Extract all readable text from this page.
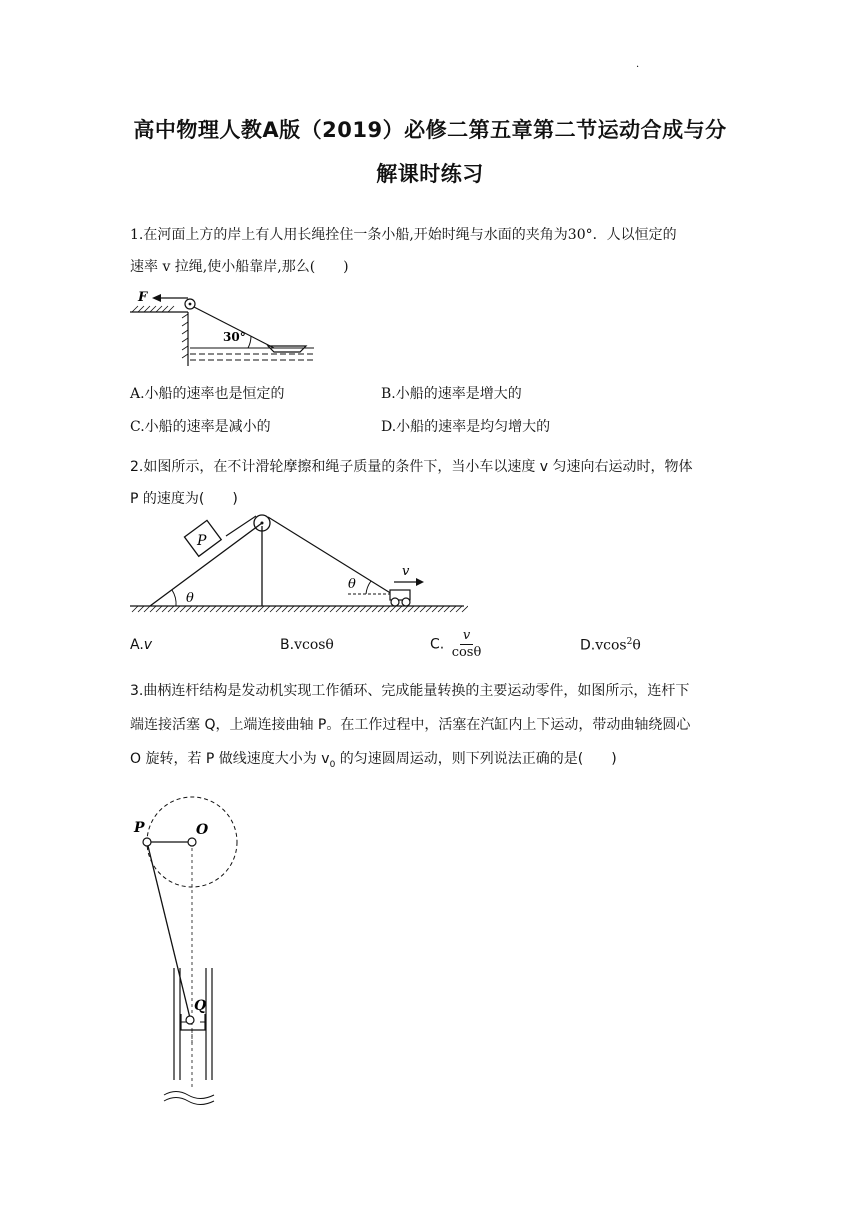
·
高中物理人教A版（2019）必修二第五章第二节运动合成与分
解课时练习
1.在河面上方的岸上有人用长绳拴住一条小船,开始时绳与水面的夹角为30°．人以恒定的
速率 v 拉绳,使小船靠岸,那么(　　)
F
30°
A.小船的速率也是恒定的	B.小船的速率是增大的
C.小船的速率是减小的	D.小船的速率是均匀增大的
2.如图所示，在不计滑轮摩擦和绳子质量的条件下，当小车以速度 v 匀速向右运动时，物体
P 的速度为(　　)
P
θ
v
θ
A.v	B.vcosθ	C. $\frac{v}{\cos\theta}$	D.vcos$^2$θ
3.曲柄连杆结构是发动机实现工作循环、完成能量转换的主要运动零件，如图所示，连杆下
端连接活塞 Q，上端连接曲轴 P。在工作过程中，活塞在汽缸内上下运动，带动曲轴绕圆心
O 旋转，若 P 做线速度大小为 $v_0$ 的匀速圆周运动，则下列说法正确的是(　　)
P	O
Q
